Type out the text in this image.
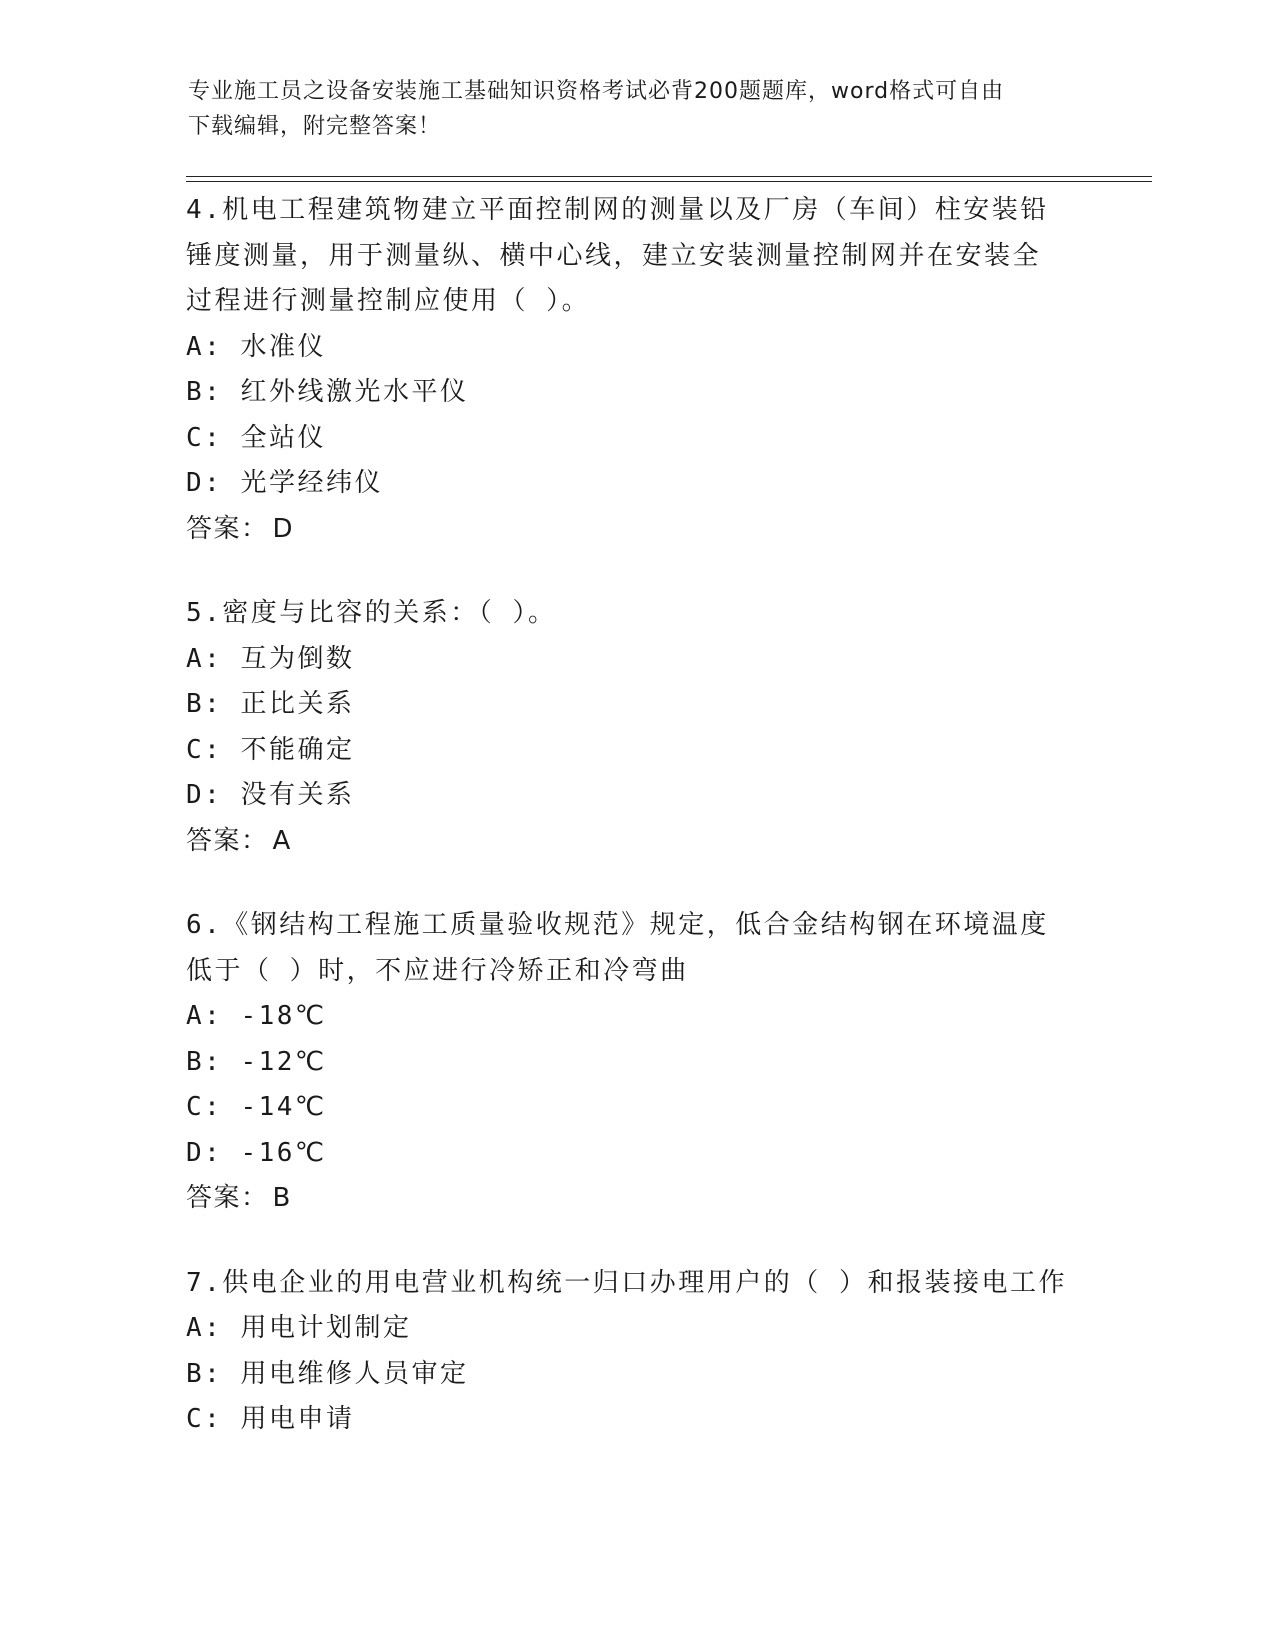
专业施工员之设备安装施工基础知识资格考试必背200题题库，word格式可自由
下载编辑，附完整答案！
4.机电工程建筑物建立平面控制网的测量以及厂房（车间）柱安装铅
锤度测量，用于测量纵、横中心线，建立安装测量控制网并在安装全
过程进行测量控制应使用（ ）。
A: 水准仪
B: 红外线激光水平仪
C: 全站仪
D: 光学经纬仪
答案： D
5.密度与比容的关系：（ ）。
A: 互为倒数
B: 正比关系
C: 不能确定
D: 没有关系
答案： A
6.《钢结构工程施工质量验收规范》规定，低合金结构钢在环境温度
低于（ ）时，不应进行冷矫正和冷弯曲
A: -18℃
B: -12℃
C: -14℃
D: -16℃
答案： B
7.供电企业的用电营业机构统一归口办理用户的（ ）和报装接电工作
A: 用电计划制定
B: 用电维修人员审定
C: 用电申请
